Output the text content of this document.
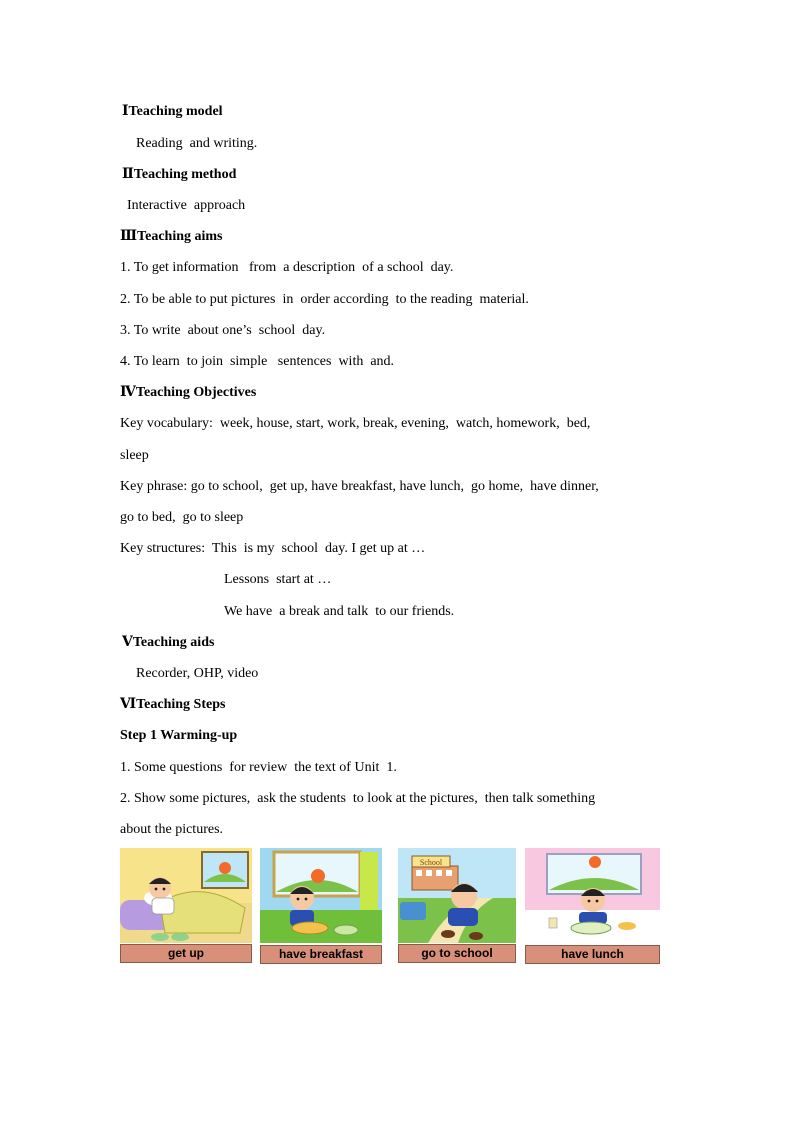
ⅠTeaching model
Reading  and writing.
ⅡTeaching method
Interactive  approach
ⅢTeaching aims
1. To get information   from  a description  of a school  day.
2. To be able to put pictures  in  order according  to the reading  material.
3. To write  about one’s  school  day.
4. To learn  to join  simple   sentences  with  and.
ⅣTeaching Objectives
Key vocabulary:  week, house, start, work, break, evening,  watch, homework,  bed,
sleep
Key phrase: go to school,  get up, have breakfast, have lunch,  go home,  have dinner,
go to bed,  go to sleep
Key structures:  This  is my  school  day. I get up at …
Lessons  start at …
We have  a break and talk  to our friends.
ⅤTeaching aids
Recorder, OHP, video
ⅥTeaching Steps
Step 1 Warming-up
1. Some questions  for review  the text of Unit  1.
2. Show some pictures,  ask the students  to look at the pictures,  then talk something
about the pictures.
get up	have breakfast
School
go to school	have lunch
